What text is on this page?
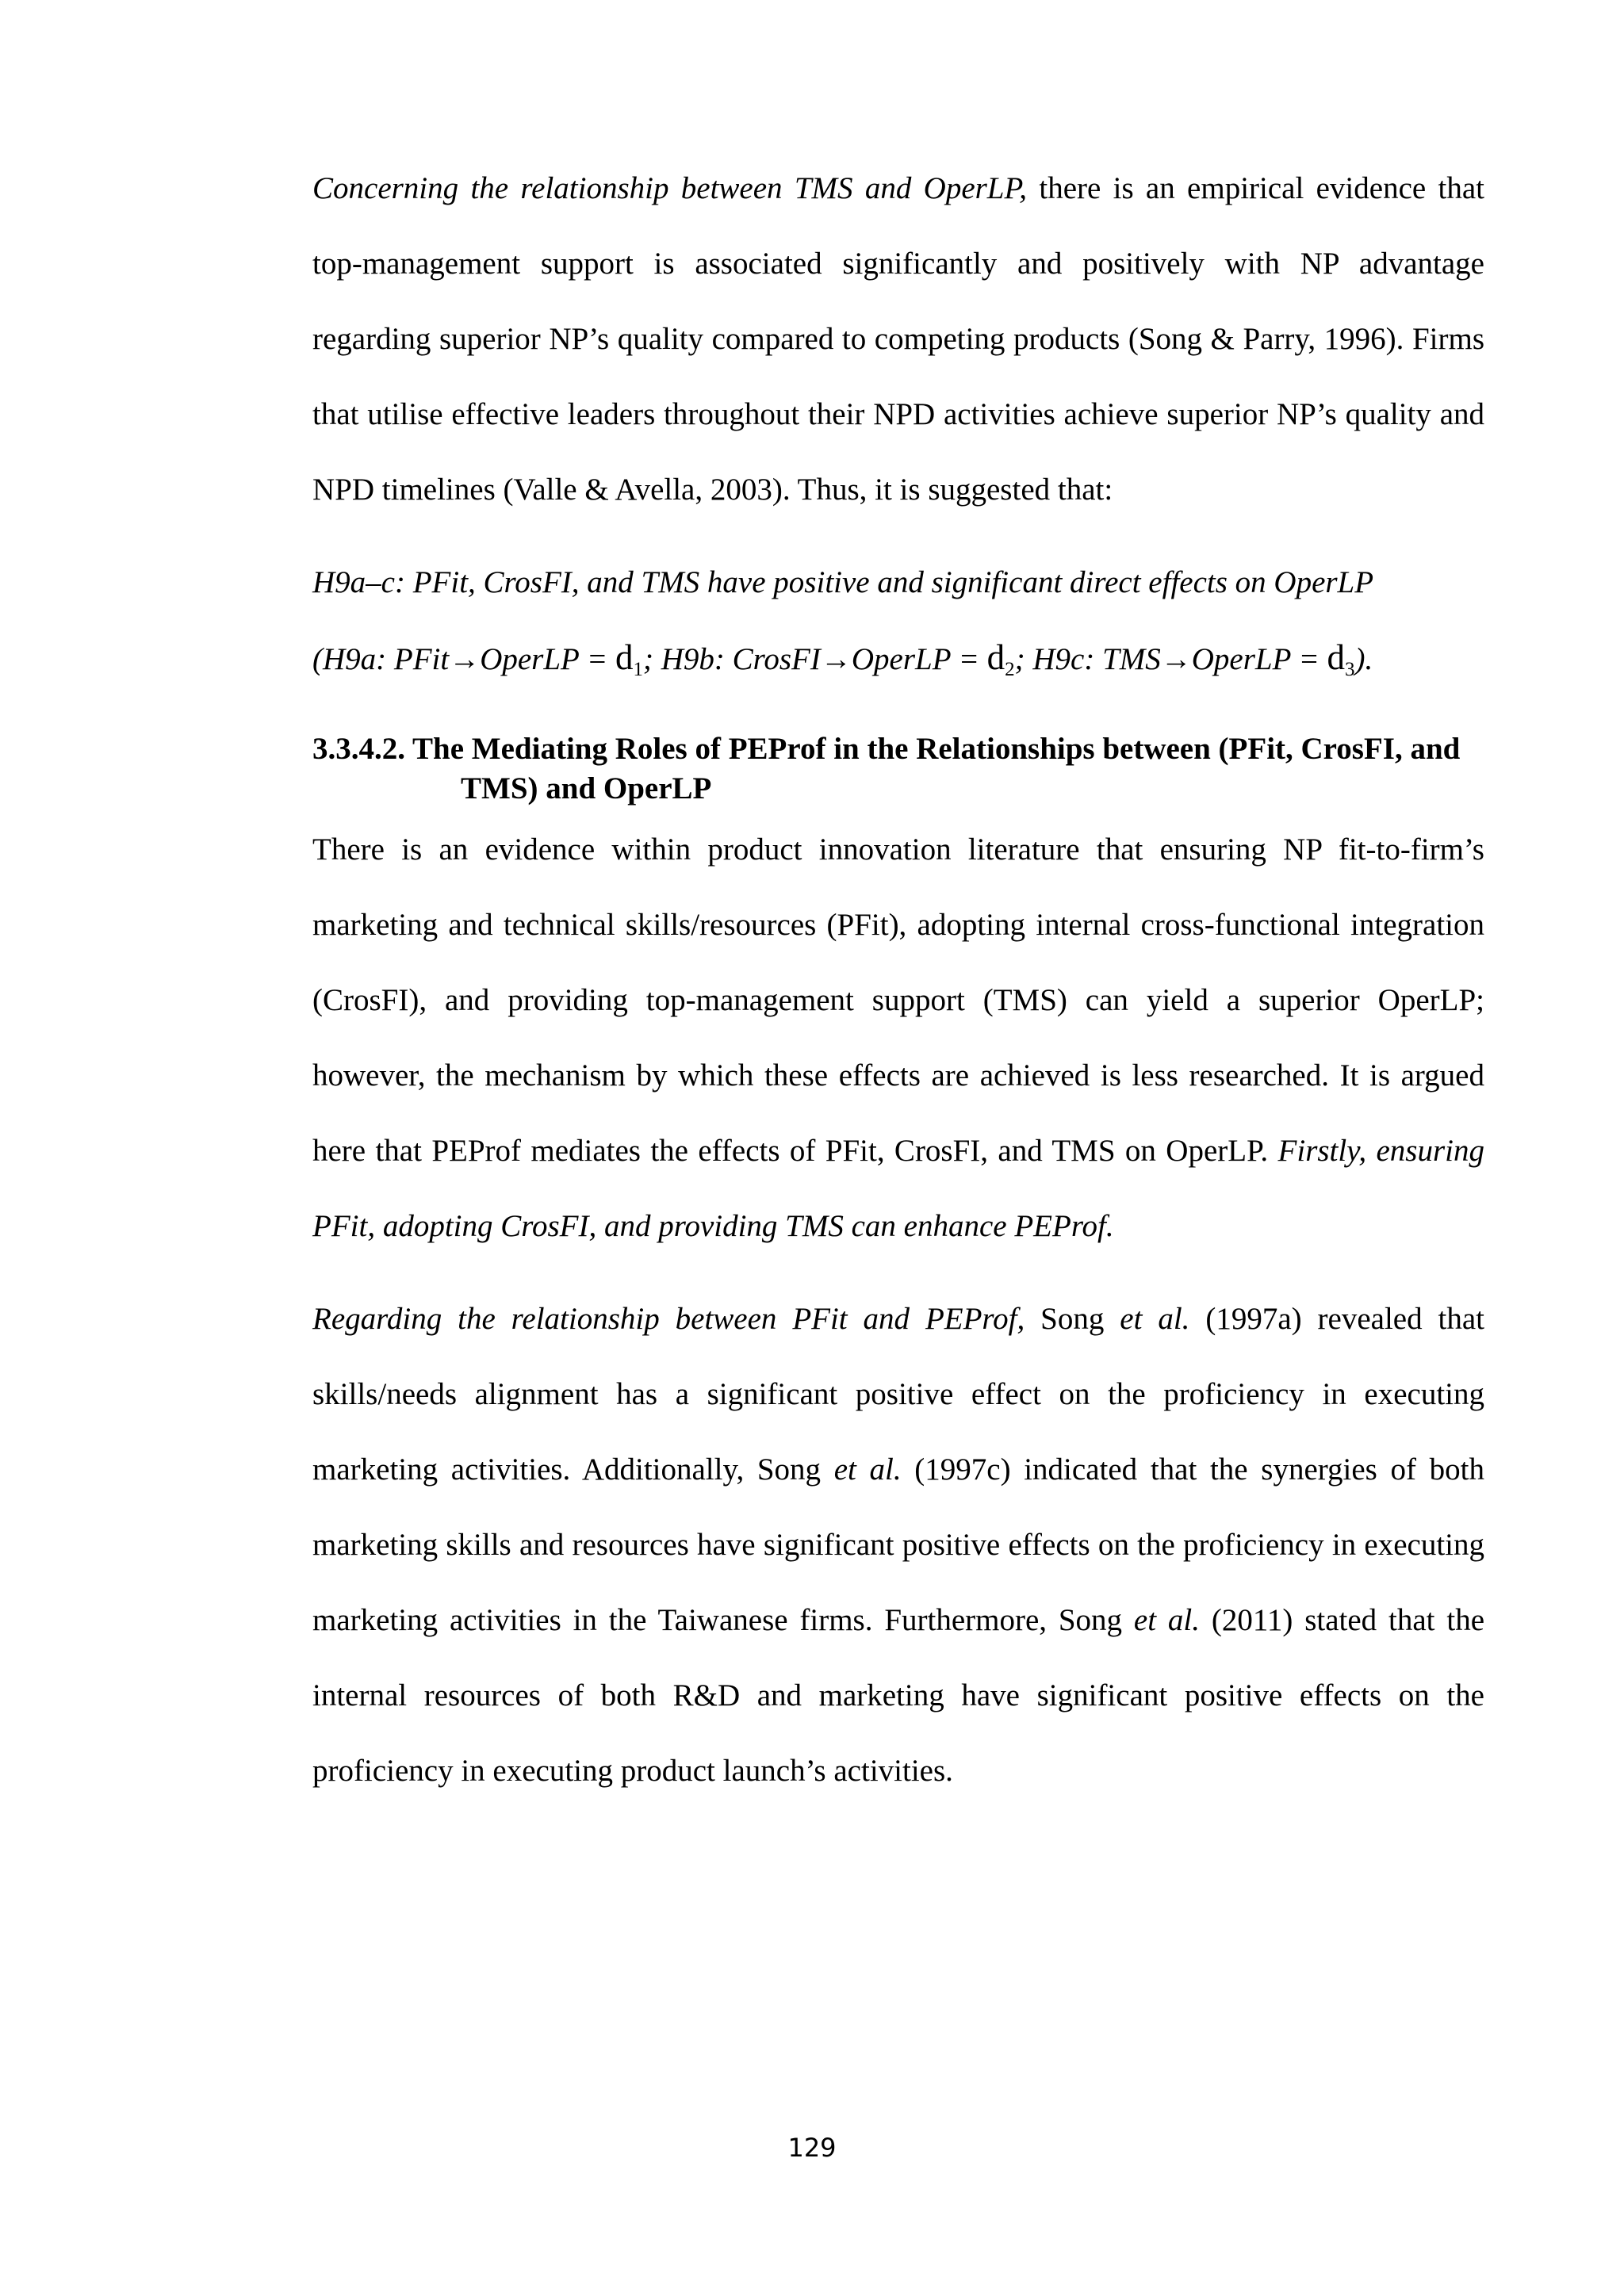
Concerning the relationship between TMS and OperLP, there is an empirical evidence that top-management support is associated significantly and positively with NP advantage regarding superior NP’s quality compared to competing products (Song & Parry, 1996). Firms that utilise effective leaders throughout their NPD activities achieve superior NP’s quality and NPD timelines (Valle & Avella, 2003). Thus, it is suggested that:

H9a–c: PFit, CrosFI, and TMS have positive and significant direct effects on OperLP
(H9a: PFit→OperLP = $d_1$; H9b: CrosFI→OperLP = $d_2$; H9c: TMS→OperLP = $d_3$).

3.3.4.2. The Mediating Roles of PEProf in the Relationships between (PFit, CrosFI, and TMS) and OperLP

There is an evidence within product innovation literature that ensuring NP fit-to-firm’s marketing and technical skills/resources (PFit), adopting internal cross-functional integration (CrosFI), and providing top-management support (TMS) can yield a superior OperLP; however, the mechanism by which these effects are achieved is less researched. It is argued here that PEProf mediates the effects of PFit, CrosFI, and TMS on OperLP. Firstly, ensuring PFit, adopting CrosFI, and providing TMS can enhance PEProf.

Regarding the relationship between PFit and PEProf, Song et al. (1997a) revealed that skills/needs alignment has a significant positive effect on the proficiency in executing marketing activities. Additionally, Song et al. (1997c) indicated that the synergies of both marketing skills and resources have significant positive effects on the proficiency in executing marketing activities in the Taiwanese firms. Furthermore, Song et al. (2011) stated that the internal resources of both R&D and marketing have significant positive effects on the proficiency in executing product launch’s activities.

129
